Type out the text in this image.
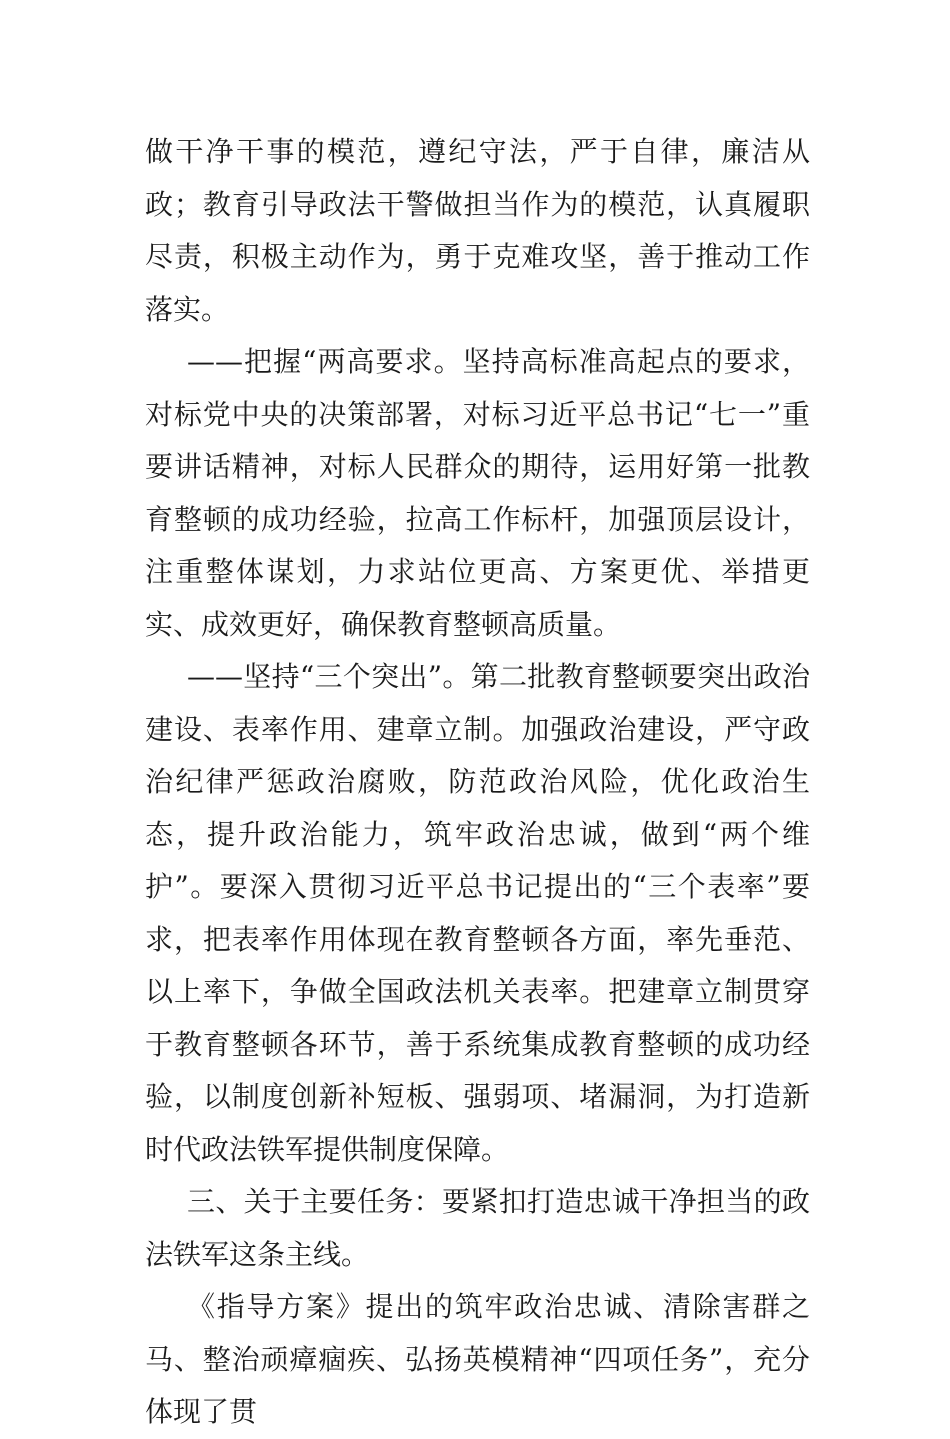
做干净干事的模范，遵纪守法，严于自律，廉洁从政；教育引导政法干警做担当作为的模范，认真履职尽责，积极主动作为，勇于克难攻坚，善于推动工作落实。

——把握“两高要求。坚持高标准高起点的要求，对标党中央的决策部署，对标习近平总书记“七一”重要讲话精神，对标人民群众的期待，运用好第一批教育整顿的成功经验，拉高工作标杆，加强顶层设计，注重整体谋划，力求站位更高、方案更优、举措更实、成效更好，确保教育整顿高质量。

——坚持“三个突出”。第二批教育整顿要突出政治建设、表率作用、建章立制。加强政治建设，严守政治纪律严惩政治腐败，防范政治风险，优化政治生态，提升政治能力，筑牢政治忠诚，做到“两个维护”。要深入贯彻习近平总书记提出的“三个表率”要求，把表率作用体现在教育整顿各方面，率先垂范、以上率下，争做全国政法机关表率。把建章立制贯穿于教育整顿各环节，善于系统集成教育整顿的成功经验，以制度创新补短板、强弱项、堵漏洞，为打造新时代政法铁军提供制度保障。

三、关于主要任务：要紧扣打造忠诚干净担当的政法铁军这条主线。

《指导方案》提出的筑牢政治忠诚、清除害群之马、整治顽瘴痼疾、弘扬英模精神“四项任务”，充分体现了贯
